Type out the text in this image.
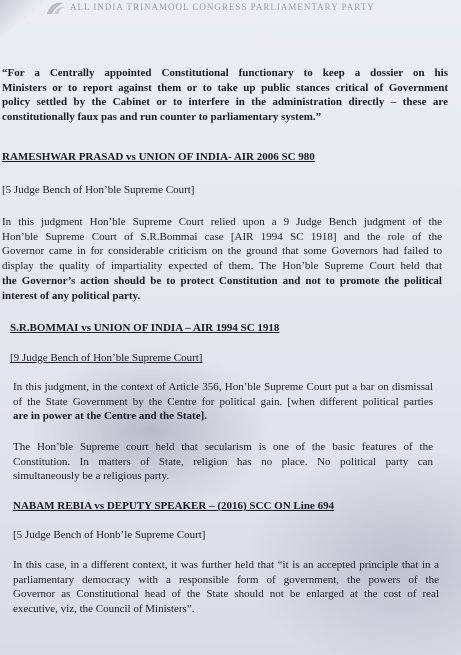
ALL INDIA TRINAMOOL CONGRESS PARLIAMENTARY PARTY
“For a Centrally appointed Constitutional functionary to keep a dossier on his
Ministers or to report against them or to take up public stances critical of Government
policy settled by the Cabinet or to interfere in the administration directly – these are
constitutionally faux pas and run counter to parliamentary system.”

RAMESHWAR PRASAD vs UNION OF INDIA- AIR 2006 SC 980

[5 Judge Bench of Hon’ble Supreme Court]

In this judgment Hon’ble Supreme Court relied upon a 9 Judge Bench judgment of the
Hon’ble Supreme Court of S.R.Bommai case [AIR 1994 SC 1918] and the role of the
Governor came in for considerable criticism on the ground that some Governors had failed to
display the quality of impartiality expected of them. The Hon’ble Supreme Court held that
the Governor’s action should be to protect Constitution and not to promote the political
interest of any political party.

S.R.BOMMAI vs UNION OF INDIA – AIR 1994 SC 1918

[9 Judge Bench of Hon’ble Supreme Court]

In this judgment, in the context of Article 356, Hon’ble Supreme Court put a bar on dismissal
of the State Government by the Centre for political gain. [when different political parties
are in power at the Centre and the State].
The Hon’ble Supreme court held that secularism is one of the basic features of the
Constitution. In matters of State, religion has no place. No political party can
simultaneously be a religious party.

NABAM REBIA vs DEPUTY SPEAKER – (2016) SCC ON Line 694

[5 Judge Bench of Honb’le Supreme Court]

In this case, in a different context, it was further held that “it is an accepted principle that in a
parliamentary democracy with a responsible form of government, the powers of the
Governor as Constitutional head of the State should not be enlarged at the cost of real
executive, viz, the Council of Ministers”.
